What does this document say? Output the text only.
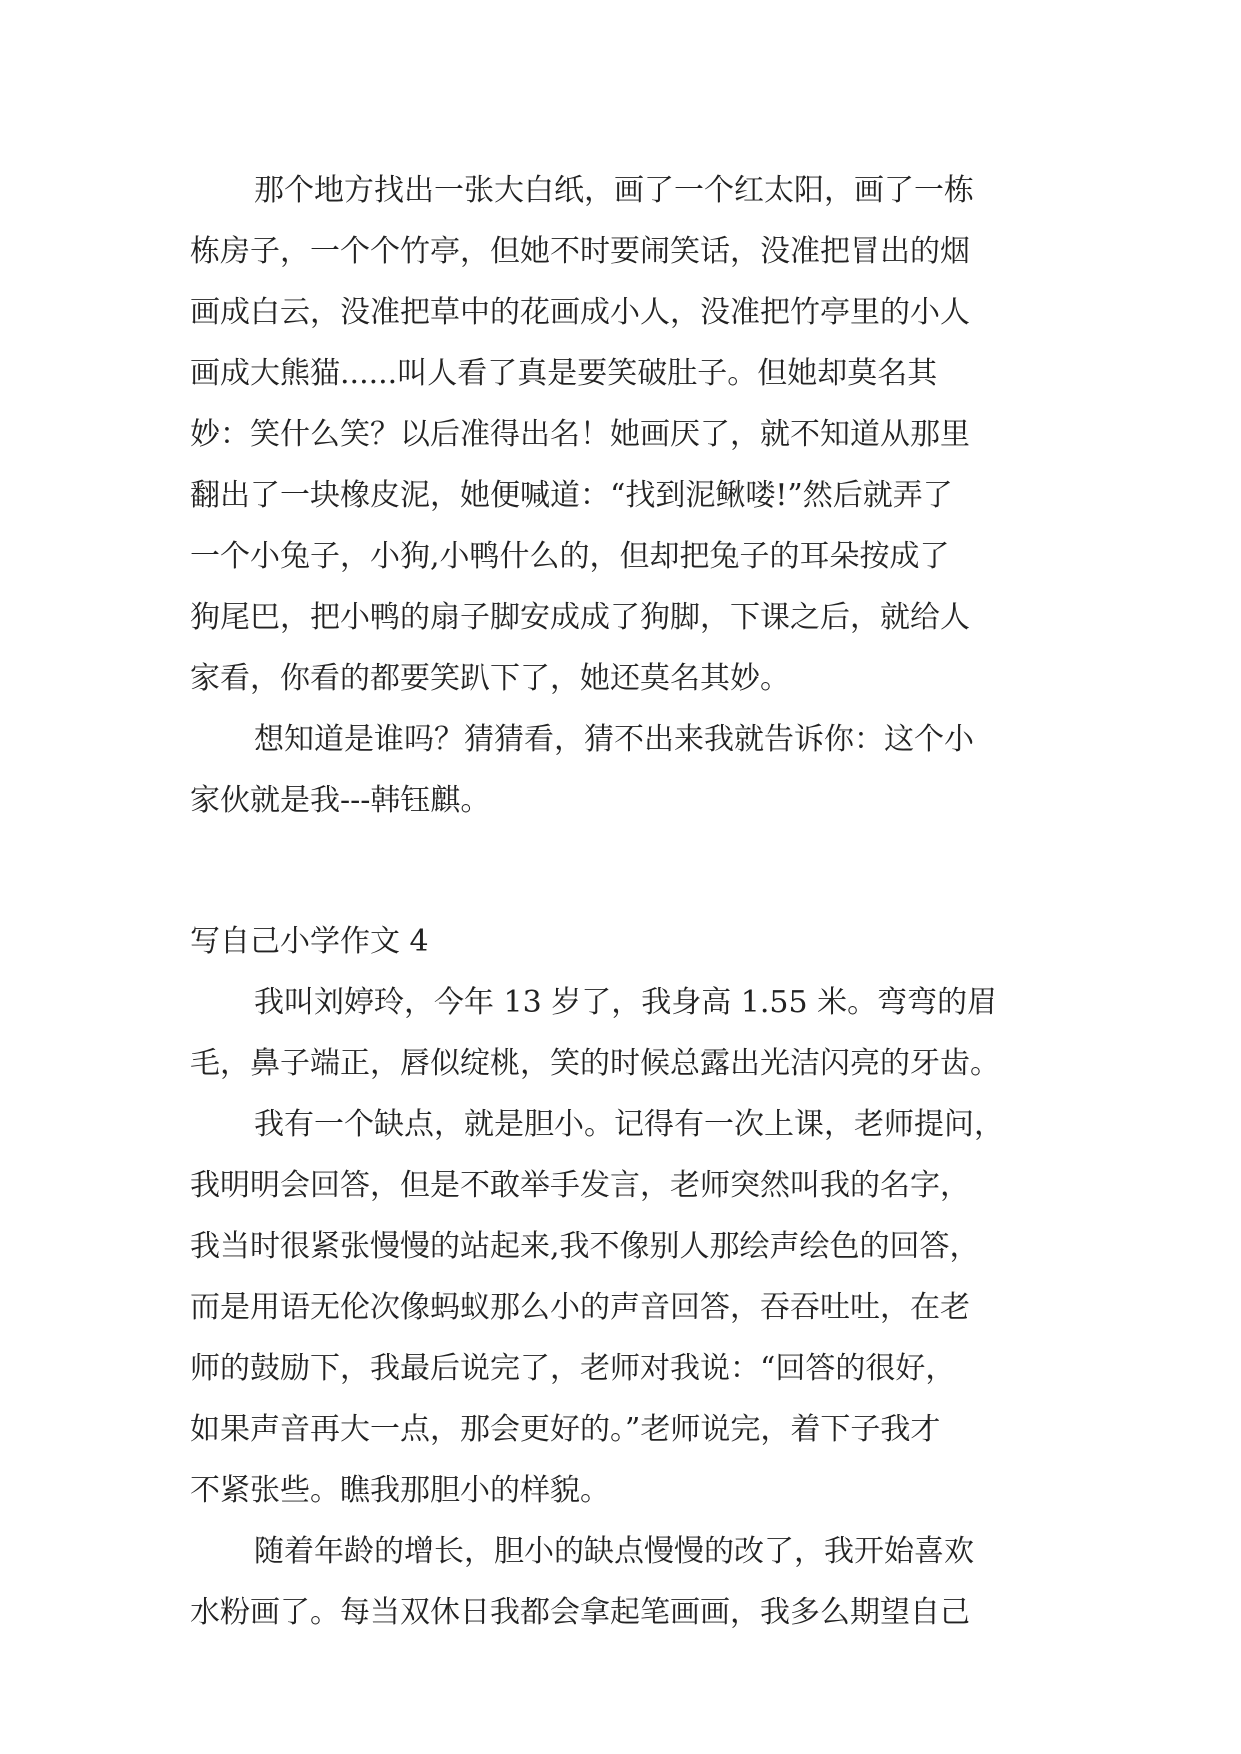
那个地方找出一张大白纸，画了一个红太阳，画了一栋
栋房子，一个个竹亭，但她不时要闹笑话，没准把冒出的烟
画成白云，没准把草中的花画成小人，没准把竹亭里的小人
画成大熊猫......叫人看了真是要笑破肚子。但她却莫名其
妙：笑什么笑？以后准得出名！她画厌了，就不知道从那里
翻出了一块橡皮泥，她便喊道：“找到泥鳅喽!”然后就弄了
一个小兔子，小狗,小鸭什么的，但却把兔子的耳朵按成了
狗尾巴，把小鸭的扇子脚安成成了狗脚，下课之后，就给人
家看，你看的都要笑趴下了，她还莫名其妙。
想知道是谁吗？猜猜看，猜不出来我就告诉你：这个小
家伙就是我---韩钰麒。
写自己小学作文 4
我叫刘婷玲，今年 13 岁了，我身高 1.55 米。弯弯的眉
毛，鼻子端正，唇似绽桃，笑的时候总露出光洁闪亮的牙齿。
我有一个缺点，就是胆小。记得有一次上课，老师提问，
我明明会回答，但是不敢举手发言，老师突然叫我的名字，
我当时很紧张慢慢的站起来,我不像别人那绘声绘色的回答，
而是用语无伦次像蚂蚁那么小的声音回答，吞吞吐吐，在老
师的鼓励下，我最后说完了，老师对我说：“回答的很好，
如果声音再大一点，那会更好的。”老师说完，着下子我才
不紧张些。瞧我那胆小的样貌。
随着年龄的增长，胆小的缺点慢慢的改了，我开始喜欢
水粉画了。每当双休日我都会拿起笔画画，我多么期望自己
